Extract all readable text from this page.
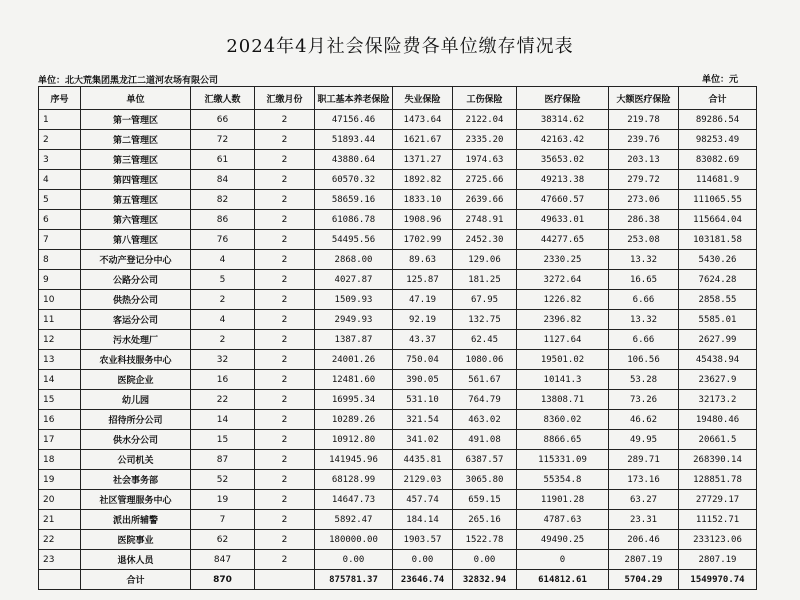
2024年4月社会保险费各单位缴存情况表
单位：北大荒集团黑龙江二道河农场有限公司	单位：元
序号	单位	汇缴人数	汇缴月份	职工基本养老保险	失业保险	工伤保险	医疗保险	大额医疗保险	合计
1	第一管理区	66	2	47156.46	1473.64	2122.04	38314.62	219.78	89286.54
2	第二管理区	72	2	51893.44	1621.67	2335.20	42163.42	239.76	98253.49
3	第三管理区	61	2	43880.64	1371.27	1974.63	35653.02	203.13	83082.69
4	第四管理区	84	2	60570.32	1892.82	2725.66	49213.38	279.72	114681.9
5	第五管理区	82	2	58659.16	1833.10	2639.66	47660.57	273.06	111065.55
6	第六管理区	86	2	61086.78	1908.96	2748.91	49633.01	286.38	115664.04
7	第八管理区	76	2	54495.56	1702.99	2452.30	44277.65	253.08	103181.58
8	不动产登记分中心	4	2	2868.00	89.63	129.06	2330.25	13.32	5430.26
9	公路分公司	5	2	4027.87	125.87	181.25	3272.64	16.65	7624.28
10	供热分公司	2	2	1509.93	47.19	67.95	1226.82	6.66	2858.55
11	客运分公司	4	2	2949.93	92.19	132.75	2396.82	13.32	5585.01
12	污水处理厂	2	2	1387.87	43.37	62.45	1127.64	6.66	2627.99
13	农业科技服务中心	32	2	24001.26	750.04	1080.06	19501.02	106.56	45438.94
14	医院企业	16	2	12481.60	390.05	561.67	10141.3	53.28	23627.9
15	幼儿园	22	2	16995.34	531.10	764.79	13808.71	73.26	32173.2
16	招待所分公司	14	2	10289.26	321.54	463.02	8360.02	46.62	19480.46
17	供水分公司	15	2	10912.80	341.02	491.08	8866.65	49.95	20661.5
18	公司机关	87	2	141945.96	4435.81	6387.57	115331.09	289.71	268390.14
19	社会事务部	52	2	68128.99	2129.03	3065.80	55354.8	173.16	128851.78
20	社区管理服务中心	19	2	14647.73	457.74	659.15	11901.28	63.27	27729.17
21	派出所辅警	7	2	5892.47	184.14	265.16	4787.63	23.31	11152.71
22	医院事业	62	2	180000.00	1903.57	1522.78	49490.25	206.46	233123.06
23	退休人员	847	2	0.00	0.00	0.00	0	2807.19	2807.19
	合计	870		875781.37	23646.74	32832.94	614812.61	5704.29	1549970.74
